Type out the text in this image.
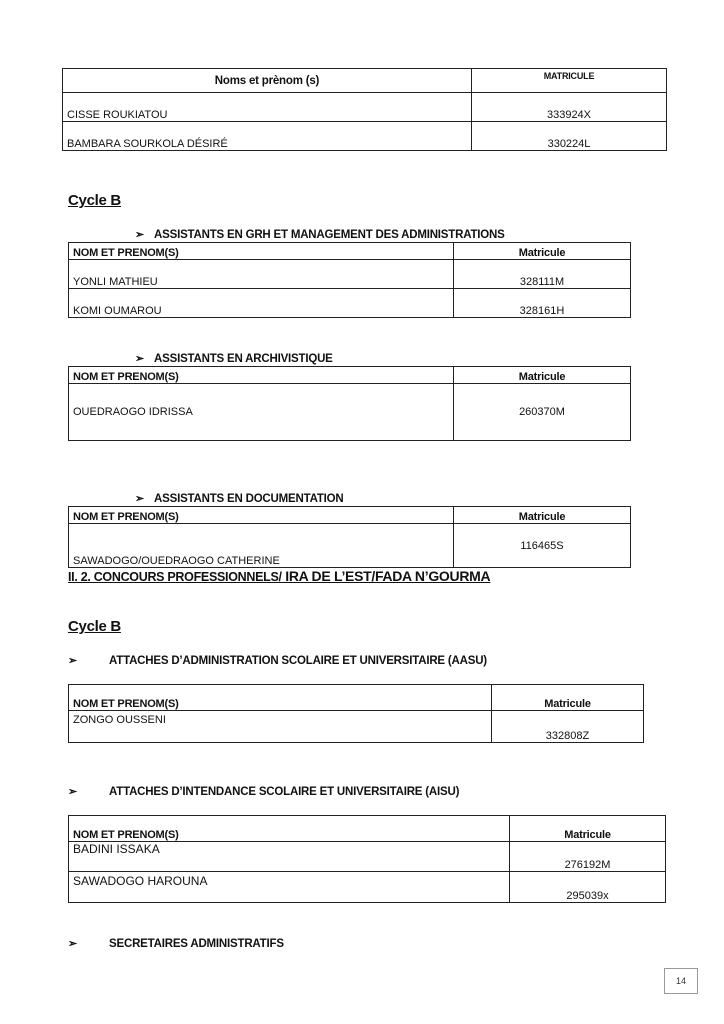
Noms et prènom (s)	MATRICULE
CISSE ROUKIATOU	333924X
BAMBARA SOURKOLA DÉSIRÉ	330224L
Cycle B
➢ ASSISTANTS EN GRH ET MANAGEMENT DES ADMINISTRATIONS
NOM ET PRENOM(S)	Matricule
YONLI MATHIEU	328111M
KOMI OUMAROU	328161H
➢ ASSISTANTS EN ARCHIVISTIQUE
NOM ET PRENOM(S)	Matricule
OUEDRAOGO IDRISSA	260370M
➢ ASSISTANTS EN DOCUMENTATION
NOM ET PRENOM(S)	Matricule
SAWADOGO/OUEDRAOGO CATHERINE	116465S
II. 2. CONCOURS PROFESSIONNELS/ IRA DE L’EST/FADA N’GOURMA
Cycle B
➢	ATTACHES D’ADMINISTRATION SCOLAIRE ET UNIVERSITAIRE (AASU)
NOM ET PRENOM(S)	Matricule
ZONGO OUSSENI	332808Z
➢	ATTACHES D’INTENDANCE SCOLAIRE ET UNIVERSITAIRE (AISU)
NOM ET PRENOM(S)	Matricule
BADINI ISSAKA	276192M
SAWADOGO HAROUNA	295039x
➢	SECRETAIRES ADMINISTRATIFS
14
